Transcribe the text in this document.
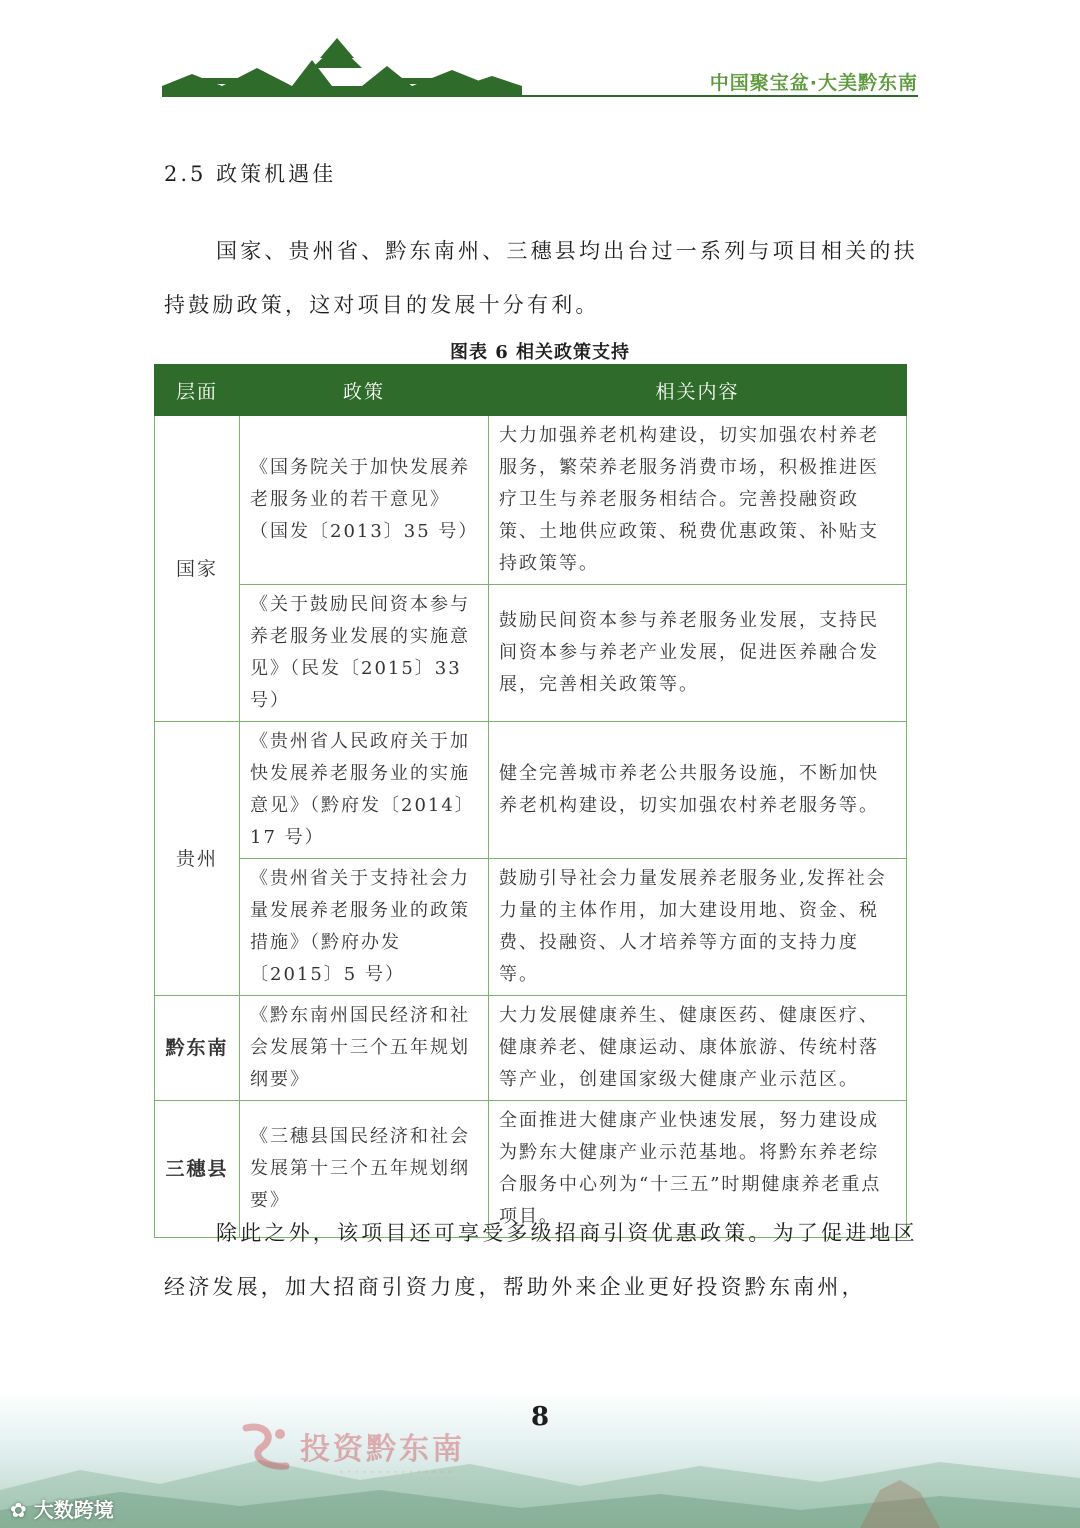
中国聚宝盆·大美黔东南
2.5 政策机遇佳
国家、贵州省、黔东南州、三穗县均出台过一系列与项目相关的扶持鼓励政策，这对项目的发展十分有利。
图表 6 相关政策支持
层面	政策	相关内容
国家	《国务院关于加快发展养老服务业的若干意见》（国发〔2013〕35 号）	大力加强养老机构建设，切实加强农村养老服务，繁荣养老服务消费市场，积极推进医疗卫生与养老服务相结合。完善投融资政策、土地供应政策、税费优惠政策、补贴支持政策等。
	《关于鼓励民间资本参与养老服务业发展的实施意见》（民发〔2015〕33 号）	鼓励民间资本参与养老服务业发展，支持民间资本参与养老产业发展，促进医养融合发展，完善相关政策等。
贵州	《贵州省人民政府关于加快发展养老服务业的实施意见》（黔府发〔2014〕17 号）	健全完善城市养老公共服务设施，不断加快养老机构建设，切实加强农村养老服务等。
	《贵州省关于支持社会力量发展养老服务业的政策措施》（黔府办发〔2015〕5 号）	鼓励引导社会力量发展养老服务业,发挥社会力量的主体作用，加大建设用地、资金、税费、投融资、人才培养等方面的支持力度等。
黔东南	《黔东南州国民经济和社会发展第十三个五年规划纲要》	大力发展健康养生、健康医药、健康医疗、健康养老、健康运动、康体旅游、传统村落等产业，创建国家级大健康产业示范区。
三穗县	《三穗县国民经济和社会发展第十三个五年规划纲要》	全面推进大健康产业快速发展，努力建设成为黔东大健康产业示范基地。将黔东养老综合服务中心列为“十三五”时期健康养老重点项目。
除此之外，该项目还可享受多级招商引资优惠政策。为了促进地区经济发展，加大招商引资力度，帮助外来企业更好投资黔东南州，
8
投资黔东南
· · · · · · · · · · · · · · ·
✿ 大数跨境
